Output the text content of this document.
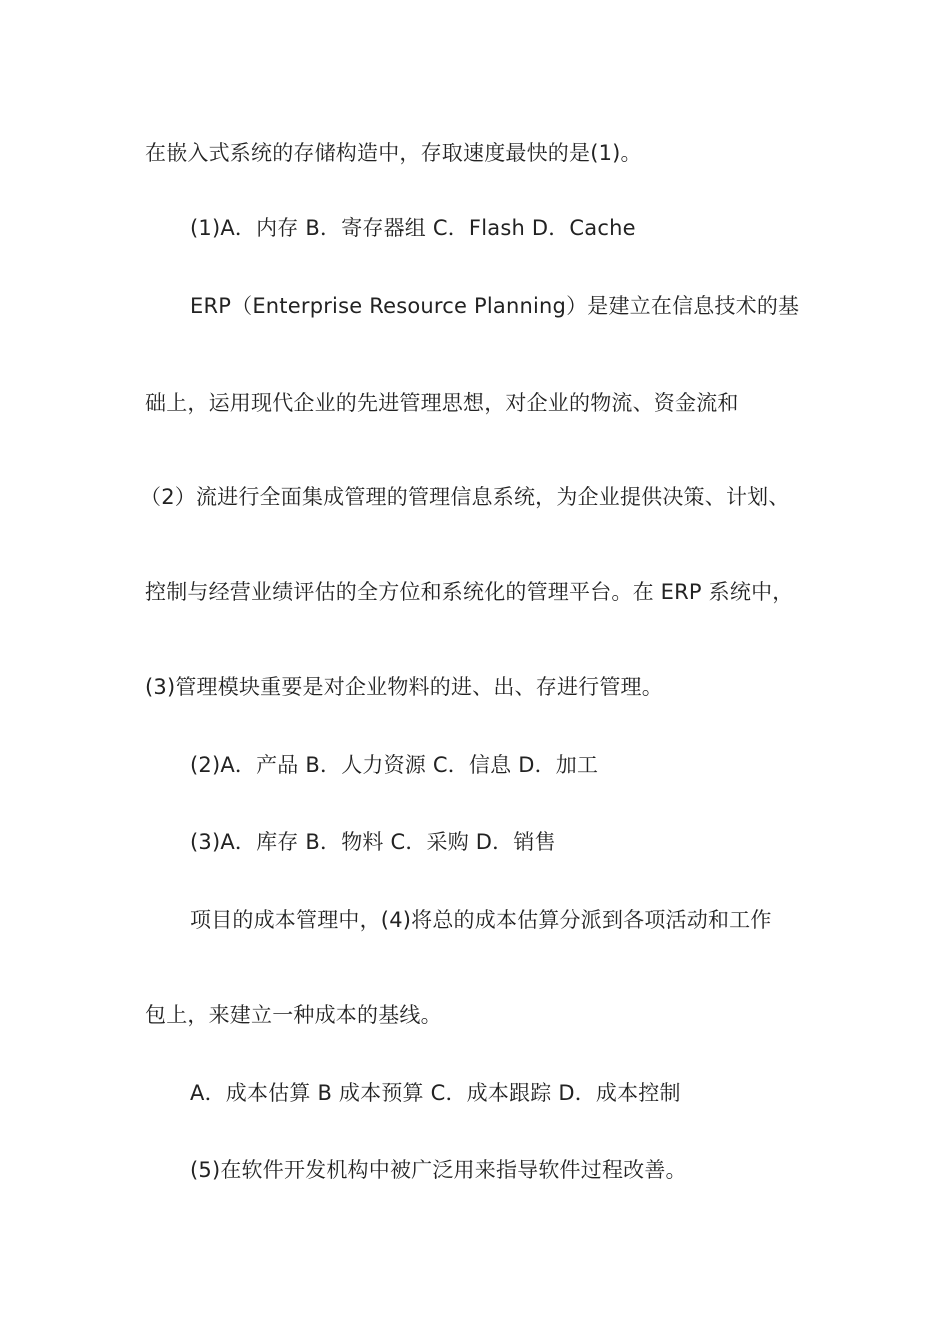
在嵌入式系统的存储构造中，存取速度最快的是(1)。
(1)A．内存 B．寄存器组 C．Flash D．Cache
ERP（Enterprise Resource Planning）是建立在信息技术的基
础上，运用现代企业的先进管理思想，对企业的物流、资金流和
（2）流进行全面集成管理的管理信息系统，为企业提供决策、计划、
控制与经营业绩评估的全方位和系统化的管理平台。在 ERP 系统中，
(3)管理模块重要是对企业物料的进、出、存进行管理。
(2)A．产品 B．人力资源 C．信息 D．加工
(3)A．库存 B．物料 C．采购 D．销售
项目的成本管理中，(4)将总的成本估算分派到各项活动和工作
包上，来建立一种成本的基线。
A．成本估算 B 成本预算 C．成本跟踪 D．成本控制
(5)在软件开发机构中被广泛用来指导软件过程改善。
